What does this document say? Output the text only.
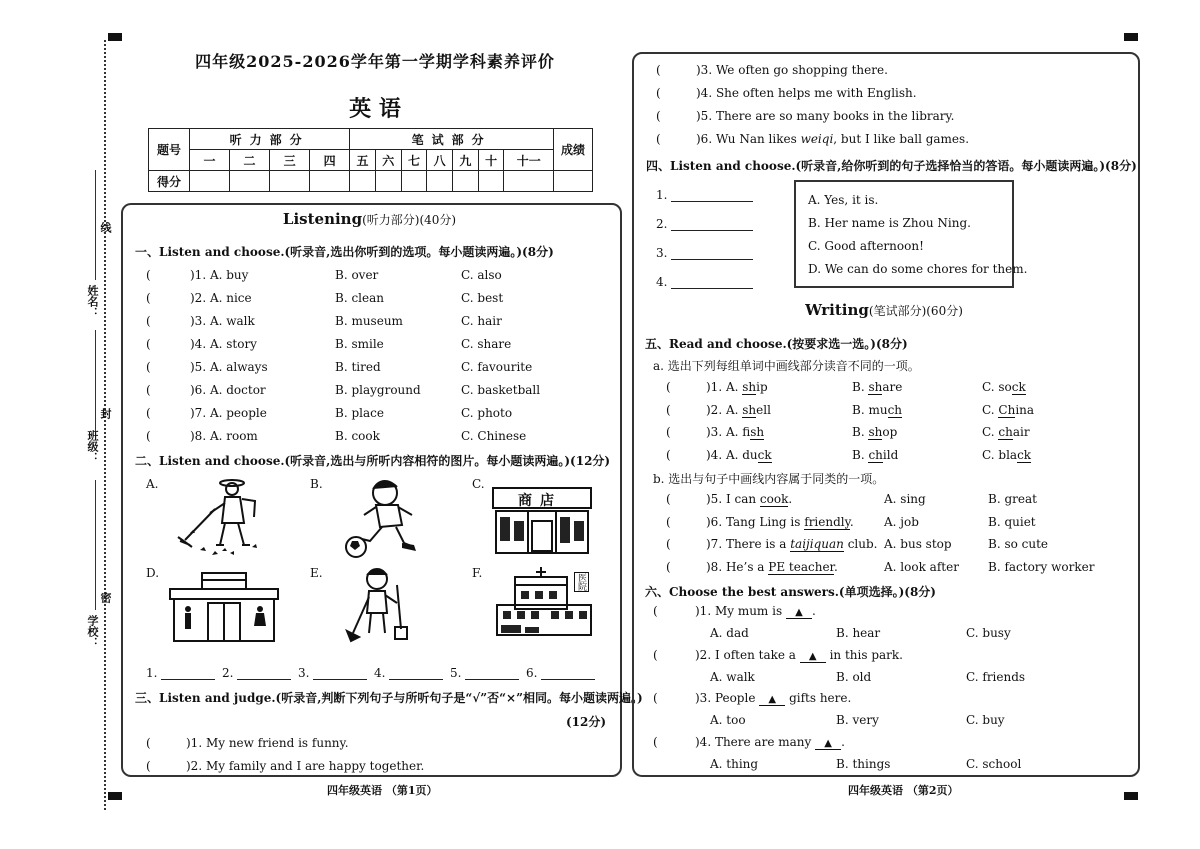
线
姓名：
封
班级：
密
学校：
四年级2025-2026学年第一学期学科素养评价
英 语
题号	听力部分				笔试部分							成绩
	一	二	三	四	五	六	七	八	九	十	十一	
得分												
Listening(听力部分)(40分)
一、Listen and choose.(听录音,选出你听到的选项。每小题读两遍。)(8分)
(	)1. A. buy	B. over	C. also
(	)2. A. nice	B. clean	C. best
(	)3. A. walk	B. museum	C. hair
(	)4. A. story	B. smile	C. share
(	)5. A. always	B. tired	C. favourite
(	)6. A. doctor	B. playground	C. basketball
(	)7. A. people	B. place	C. photo
(	)8. A. room	B. cook	C. Chinese
二、Listen and choose.(听录音,选出与所听内容相符的图片。每小题读两遍。)(12分)
A.	B.	C.
D.	E.	F.
商店
医院
1.	2.	3.	4.	5.	6.
三、Listen and judge.(听录音,判断下列句子与所听句子是“√”否“×”相同。每小题读两遍。)
(12分)
(	)1. My new friend is funny.
(	)2. My family and I are happy together.
四年级英语 （第1页）
(	)3. We often go shopping there.
(	)4. She often helps me with English.
(	)5. There are so many books in the library.
(	)6. Wu Nan likes weiqi, but I like ball games.
四、Listen and choose.(听录音,给你听到的句子选择恰当的答语。每小题读两遍。)(8分)
1.
2.
3.
4.
A. Yes, it is.
B. Her name is Zhou Ning.
C. Good afternoon!
D. We can do some chores for them.
Writing(笔试部分)(60分)
五、Read and choose.(按要求选一选。)(8分)
a. 选出下列每组单词中画线部分读音不同的一项。
(	)1. A. ship	B. share	C. sock
(	)2. A. shell	B. much	C. China
(	)3. A. fish	B. shop	C. chair
(	)4. A. duck	B. child	C. black
b. 选出与句子中画线内容属于同类的一项。
(	)5. I can cook.	A. sing	B. great
(	)6. Tang Ling is friendly.	A. job	B. quiet
(	)7. There is a taijiquan club. A. bus stop	B. so cute
(	)8. He’s a PE teacher.	A. look after B. factory worker
六、Choose the best answers.(单项选择。)(8分)
(	)1. My mum is ▲ .
A. dad	B. hear	C. busy
(	)2. I often take a ▲ in this park.
A. walk	B. old	C. friends
(	)3. People ▲ gifts here.
A. too	B. very	C. buy
(	)4. There are many ▲ .
A. thing	B. things	C. school
四年级英语 （第2页）
